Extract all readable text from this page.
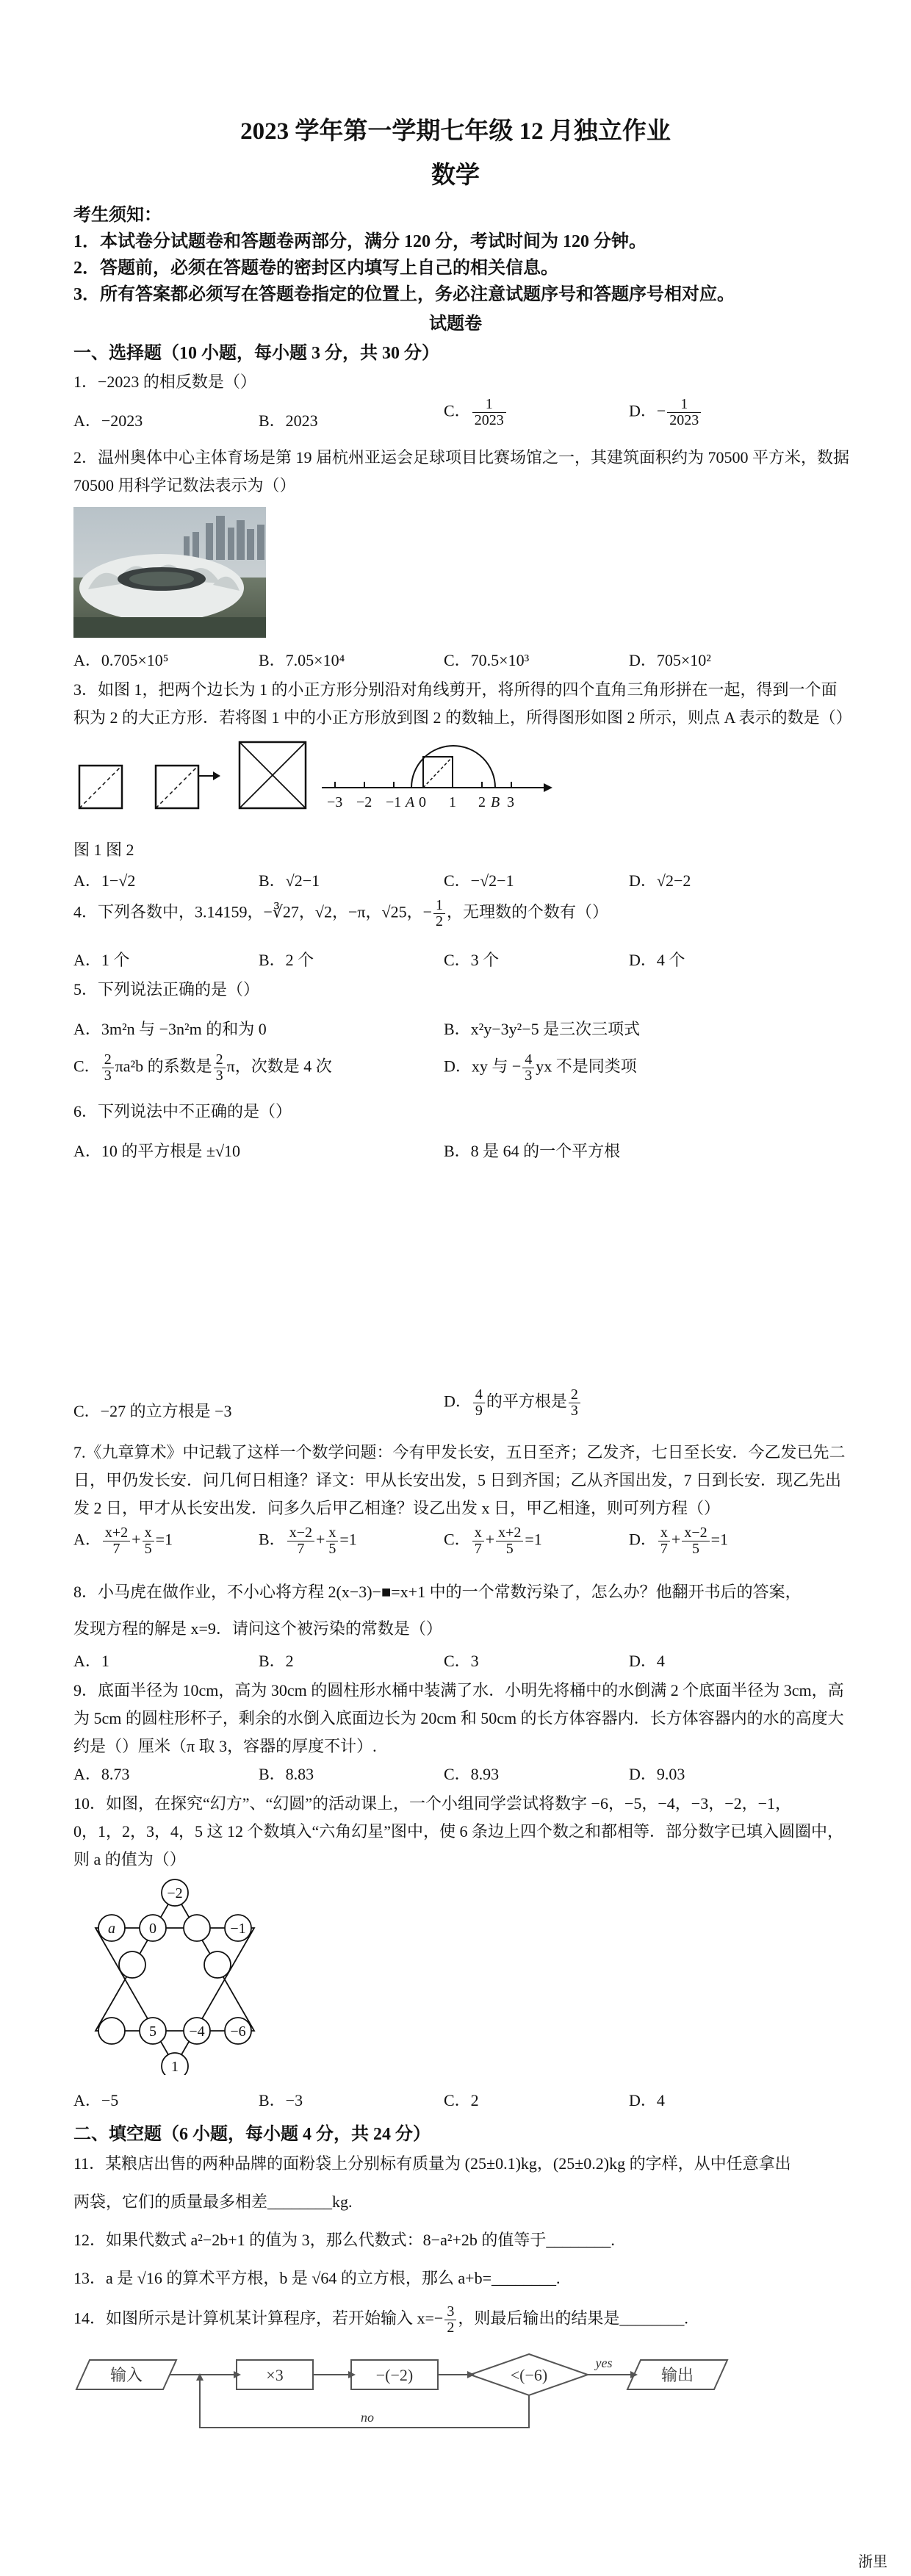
2023 学年第一学期七年级 12 月独立作业
数学
考生须知：
1．本试卷分试题卷和答题卷两部分，满分 120 分，考试时间为 120 分钟。
2．答题前，必须在答题卷的密封区内填写上自己的相关信息。
3．所有答案都必须写在答题卷指定的位置上，务必注意试题序号和答题序号相对应。
试题卷
一、选择题（10 小题，每小题 3 分，共 30 分）
1．−2023 的相反数是（）
A．−2023	B．2023
C． $\frac{1}{2023}$	D．− $\frac{1}{2023}$
2．温州奥体中心主体育场是第 19 届杭州亚运会足球项目比赛场馆之一，其建筑面积约为 70500 平方米，数据
70500 用科学记数法表示为（）
A．0.705×10⁵	B．7.05×10⁴	C．70.5×10³	D．705×10²
3．如图 1，把两个边长为 1 的小正方形分别沿对角线剪开，将所得的四个直角三角形拼在一起，得到一个面
积为 2 的大正方形．若将图 1 中的小正方形放到图 2 的数轴上，所得图形如图 2 所示，则点 A 表示的数是（）
−3 −2 −1 A 0 1 2 B 3
图 1 图 2
A．1−√2	B．√2−1	C．−√2−1	D．√2−2
4．下列各数中，3.14159，−∛27，√2，−π，√25，− $\frac{1}{2}$ ，无理数的个数有（）
A．1 个	B．2 个	C．3 个	D．4 个
5．下列说法正确的是（）
A．3m²n 与 −3n²m 的和为 0	B．x²y−3y²−5 是三次三项式
C． $\frac{2}{3} \pi a^2b$ 的系数是 $\frac{2}{3}$ π，次数是 4 次	D．xy 与 − $\frac{4}{3}$ yx 不是同类项
6．下列说法中不正确的是（）
A．10 的平方根是 ±√10	B．8 是 64 的一个平方根
C．−27 的立方根是 −3
D． $\frac{4}{9}$ 的平方根是 $\frac{2}{3}$
7.《九章算术》中记载了这样一个数学问题：今有甲发长安，五日至齐；乙发齐，七日至长安．今乙发已先二
日，甲仍发长安．问几何日相逢？译文：甲从长安出发，5 日到齐国；乙从齐国出发，7 日到长安．现乙先出
发 2 日，甲才从长安出发．问多久后甲乙相逢？设乙出发 x 日，甲乙相逢，则可列方程（）
A． $\frac{x+2}{7} + \frac{x}{5} =1$	B． $\frac{x-2}{7} + \frac{x}{5} =1$	C． $\frac{x}{7} + \frac{x+2}{5} =1$	D． $\frac{x}{7} + \frac{x-2}{5} =1$
8．小马虎在做作业，不小心将方程 2(x−3)−■=x+1 中的一个常数污染了，怎么办？他翻开书后的答案，
发现方程的解是 x=9．请问这个被污染的常数是（）
A．1	B．2	C．3	D．4
9．底面半径为 10cm，高为 30cm 的圆柱形水桶中装满了水．小明先将桶中的水倒满 2 个底面半径为 3cm，高
为 5cm 的圆柱形杯子，剩余的水倒入底面边长为 20cm 和 50cm 的长方体容器内．长方体容器内的水的高度大
约是（）厘米（π 取 3，容器的厚度不计）.
A．8.73	B．8.83	C．8.93	D．9.03
10．如图，在探究“幻方”、“幻圆”的活动课上，一个小组同学尝试将数字 −6，−5，−4，−3，−2，−1，
0，1，2，3，4，5 这 12 个数填入“六角幻星”图中，使 6 条边上四个数之和都相等．部分数字已填入圆圈中，
则 a 的值为（）
−2
a 0	−1
5 −4 −6
1
A．−5	B．−3	C．2	D．4
二、填空题（6 小题，每小题 4 分，共 24 分）
11．某粮店出售的两种品牌的面粉袋上分别标有质量为 (25±0.1)kg，(25±0.2)kg 的字样，从中任意拿出
两袋，它们的质量最多相差________kg.
12．如果代数式 a²−2b+1 的值为 3，那么代数式：8−a²+2b 的值等于________.
13．a 是 √16 的算术平方根，b 是 √64 的立方根，那么 a+b=________.
14．如图所示是计算机某计算程序，若开始输入 $x=- \frac{3}{2}$ ，则最后输出的结果是________.
输入	×3	−(−2)	<(−6)
yes
输出
no
浙里
